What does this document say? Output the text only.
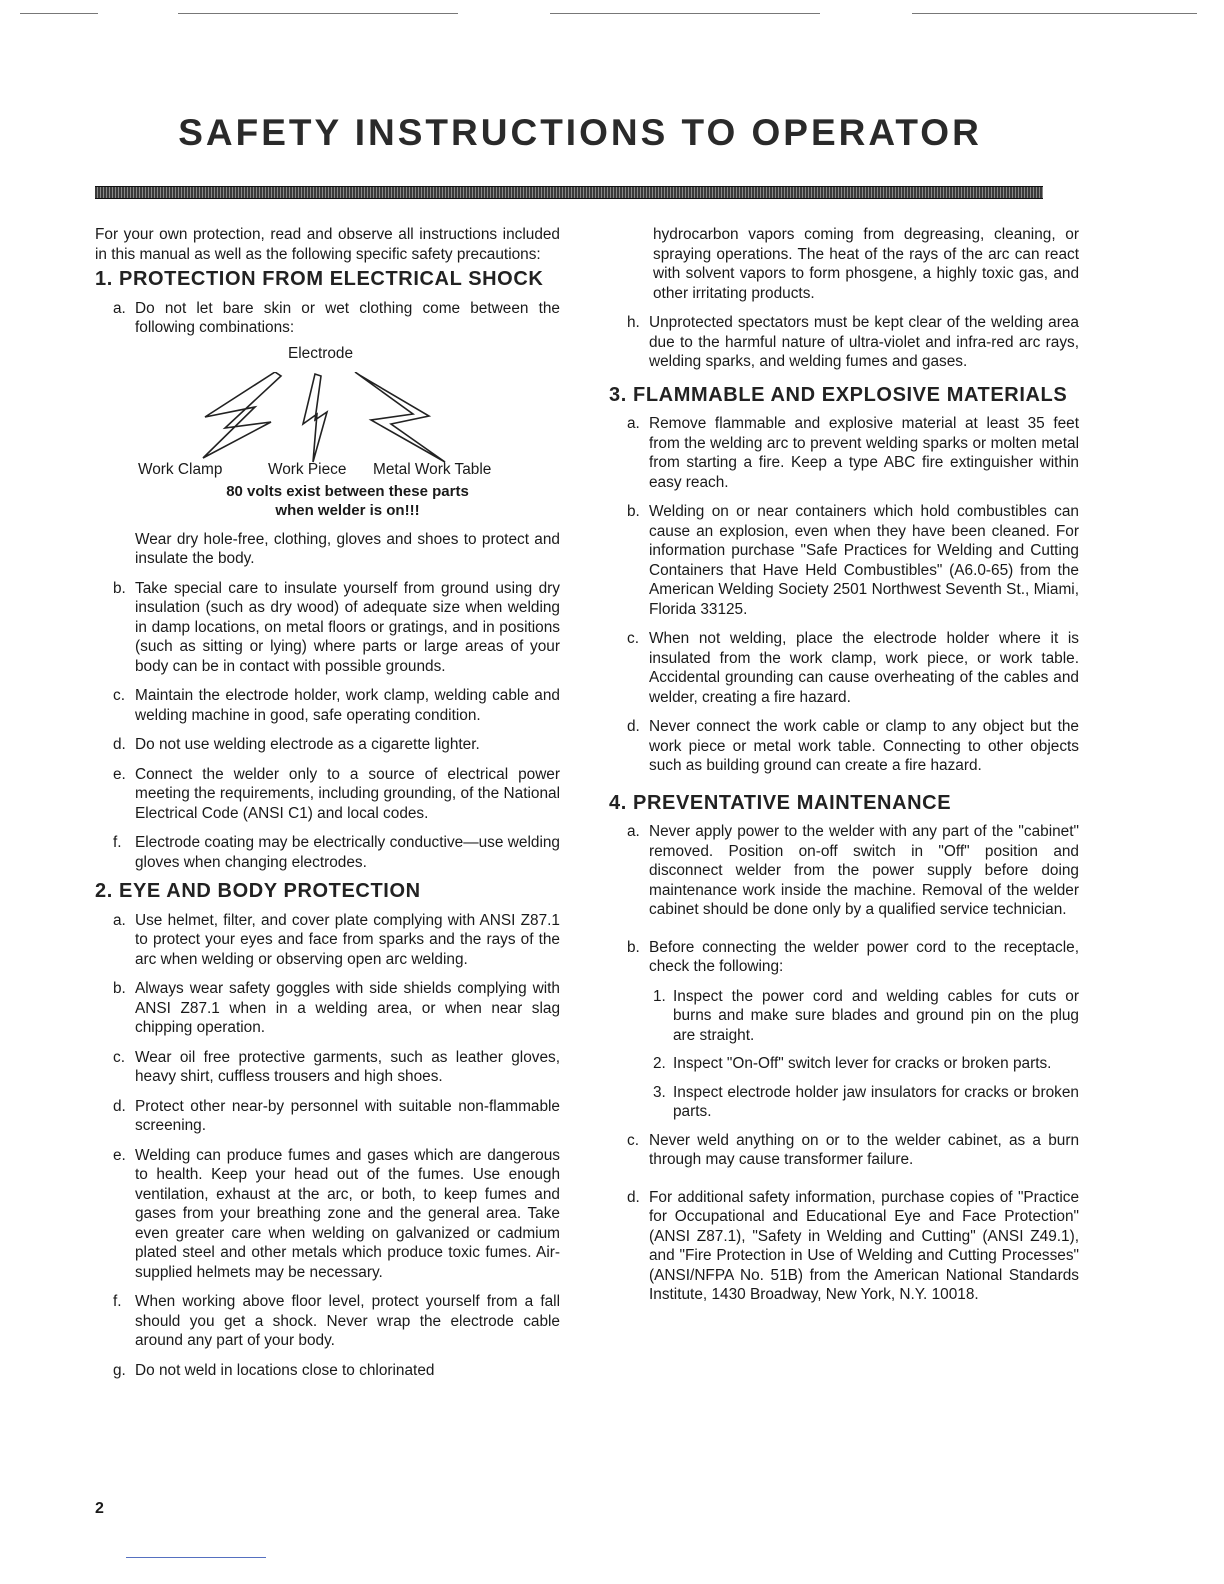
SAFETY INSTRUCTIONS TO OPERATOR

For your own protection, read and observe all instructions included in this manual as well as the following specific safety precautions:

1. PROTECTION FROM ELECTRICAL SHOCK
a. Do not let bare skin or wet clothing come between the following combinations:
Electrode
Work Clamp	Work Piece Metal Work Table
80 volts exist between these parts
when welder is on!!!

Wear dry hole-free, clothing, gloves and shoes to protect and insulate the body.

b. Take special care to insulate yourself from ground using dry insulation (such as dry wood) of adequate size when welding in damp locations, on metal floors or gratings, and in positions (such as sitting or lying) where parts or large areas of your body can be in contact with possible grounds.
c. Maintain the electrode holder, work clamp, welding cable and welding machine in good, safe operating condition.
d. Do not use welding electrode as a cigarette lighter.
e. Connect the welder only to a source of electrical power meeting the requirements, including grounding, of the National Electrical Code (ANSI C1) and local codes.
f. Electrode coating may be electrically conductive—use welding gloves when changing electrodes.
2. EYE AND BODY PROTECTION
a. Use helmet, filter, and cover plate complying with ANSI Z87.1 to protect your eyes and face from sparks and the rays of the arc when welding or observing open arc welding.
b. Always wear safety goggles with side shields complying with ANSI Z87.1 when in a welding area, or when near slag chipping operation.
c. Wear oil free protective garments, such as leather gloves, heavy shirt, cuffless trousers and high shoes.
d. Protect other near-by personnel with suitable non-flammable screening.
e. Welding can produce fumes and gases which are dangerous to health. Keep your head out of the fumes. Use enough ventilation, exhaust at the arc, or both, to keep fumes and gases from your breathing zone and the general area. Take even greater care when welding on galvanized or cadmium plated steel and other metals which produce toxic fumes. Air-supplied helmets may be necessary.
f. When working above floor level, protect yourself from a fall should you get a shock. Never wrap the electrode cable around any part of your body.
g. Do not weld in locations close to chlorinated

hydrocarbon vapors coming from degreasing, cleaning, or spraying operations. The heat of the rays of the arc can react with solvent vapors to form phosgene, a highly toxic gas, and other irritating products.

h. Unprotected spectators must be kept clear of the welding area due to the harmful nature of ultra-violet and infra-red arc rays, welding sparks, and welding fumes and gases.
3. FLAMMABLE AND EXPLOSIVE MATERIALS
a. Remove flammable and explosive material at least 35 feet from the welding arc to prevent welding sparks or molten metal from starting a fire. Keep a type ABC fire extinguisher within easy reach.
b. Welding on or near containers which hold combustibles can cause an explosion, even when they have been cleaned. For information purchase "Safe Practices for Welding and Cutting Containers that Have Held Combustibles" (A6.0-65) from the American Welding Society 2501 Northwest Seventh St., Miami, Florida 33125.
c. When not welding, place the electrode holder where it is insulated from the work clamp, work piece, or work table. Accidental grounding can cause overheating of the cables and welder, creating a fire hazard.
d. Never connect the work cable or clamp to any object but the work piece or metal work table. Connecting to other objects such as building ground can create a fire hazard.
4. PREVENTATIVE MAINTENANCE
a. Never apply power to the welder with any part of the "cabinet" removed. Position on-off switch in "Off" position and disconnect welder from the power supply before doing maintenance work inside the machine. Removal of the welder cabinet should be done only by a qualified service technician.
b. Before connecting the welder power cord to the receptacle, check the following:
1. Inspect the power cord and welding cables for cuts or burns and make sure blades and ground pin on the plug are straight.
2. Inspect "On-Off" switch lever for cracks or broken parts.
3. Inspect electrode holder jaw insulators for cracks or broken parts.
c. Never weld anything on or to the welder cabinet, as a burn through may cause transformer failure.
d. For additional safety information, purchase copies of "Practice for Occupational and Educational Eye and Face Protection" (ANSI Z87.1), "Safety in Welding and Cutting" (ANSI Z49.1), and "Fire Protection in Use of Welding and Cutting Processes" (ANSI/NFPA No. 51B) from the American National Standards Institute, 1430 Broadway, New York, N.Y. 10018.
2
